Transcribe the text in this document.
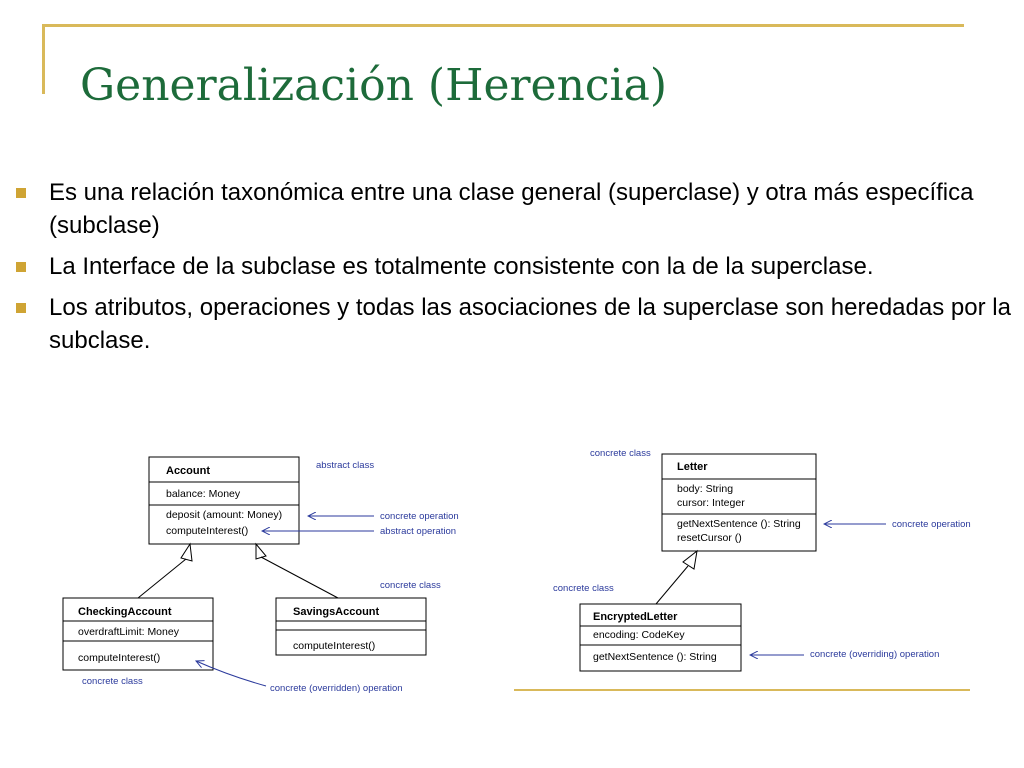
Generalización (Herencia)
Es una relación taxonómica entre una clase general (superclase) y otra más específica (subclase)
La Interface de la subclase es totalmente consistente con la de la superclase.
Los atributos, operaciones y todas las asociaciones de la superclase son heredadas por la subclase.
Account
balance: Money
deposit (amount: Money)
computeInterest()
CheckingAccount
overdraftLimit: Money
computeInterest()
SavingsAccount
computeInterest()
abstract class
concrete operation
abstract operation
concrete class
concrete class
concrete (overridden) operation
Letter
body: String
cursor: Integer
getNextSentence (): String
resetCursor ()
EncryptedLetter
encoding: CodeKey
getNextSentence (): String
concrete class
concrete operation
concrete class
concrete (overriding) operation
